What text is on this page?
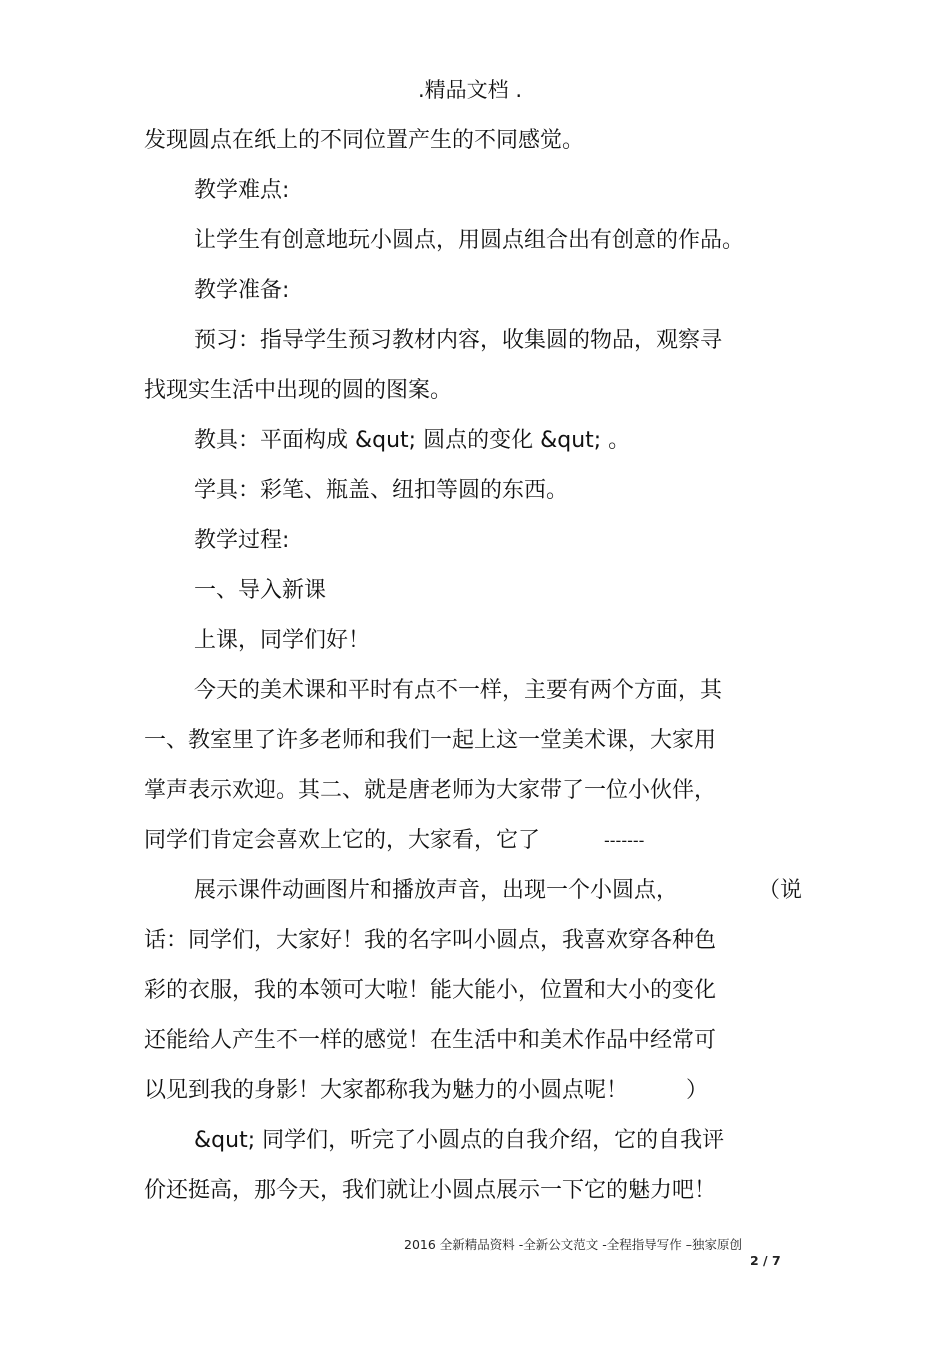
.精品文档 .
发现圆点在纸上的不同位置产生的不同感觉。
教学难点:
让学生有创意地玩小圆点，用圆点组合出有创意的作品。
教学准备:
预习：指导学生预习教材内容，收集圆的物品，观察寻
找现实生活中出现的圆的图案。
教具：平面构成 &qut; 圆点的变化 &qut; 。
学具：彩笔、瓶盖、纽扣等圆的东西。
教学过程:
一、导入新课
上课，同学们好！
今天的美术课和平时有点不一样，主要有两个方面，其
一、教室里了许多老师和我们一起上这一堂美术课，大家用
掌声表示欢迎。其二、就是唐老师为大家带了一位小伙伴，
同学们肯定会喜欢上它的，大家看，它了	-------
展示课件动画图片和播放声音，出现一个小圆点，	（说
话：同学们，大家好！我的名字叫小圆点，我喜欢穿各种色
彩的衣服，我的本领可大啦！能大能小，位置和大小的变化
还能给人产生不一样的感觉！在生活中和美术作品中经常可
以见到我的身影！大家都称我为魅力的小圆点呢！	）
&qut; 同学们，听完了小圆点的自我介绍，它的自我评
价还挺高，那今天，我们就让小圆点展示一下它的魅力吧！
2016 全新精品资料 -全新公文范文 -全程指导写作 –独家原创
2 / 7
